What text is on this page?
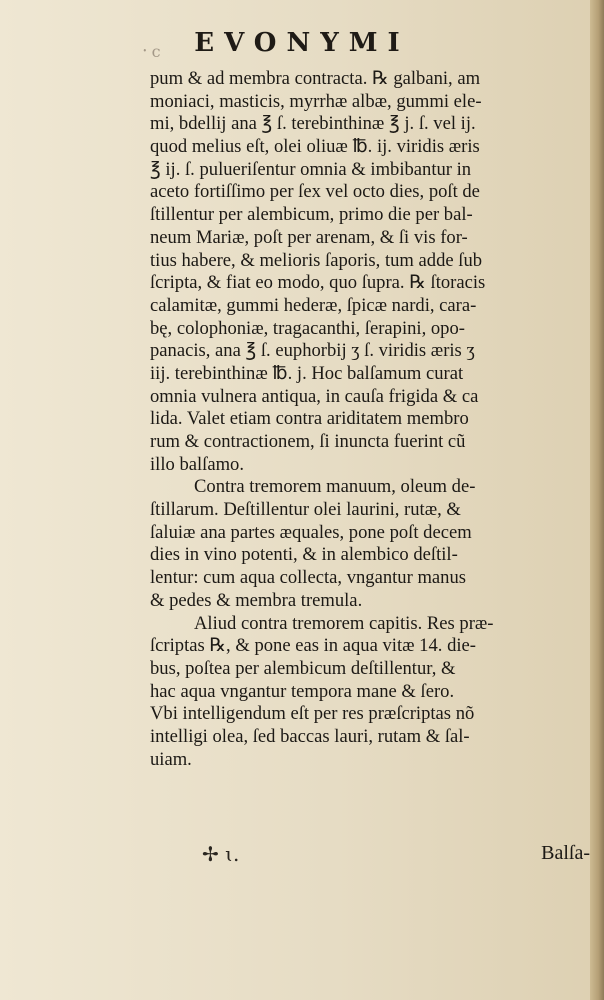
᛫ϲ	EVONYMI
pum & ad membra contracta. ℞ galbani, am
moniaci, masticis, myrrhæ albæ, gummi ele-
mi, bdellij ana ℥ ſ. terebinthinæ ℥ j. ſ. vel ij.
quod melius eſt, olei oliuæ ℔. ij. viridis æris
℥ ij. ſ. pulueriſentur omnia & imbibantur in
aceto fortiſſimo per ſex vel octo dies, poſt de
ſtillentur per alembicum, primo die per bal-
neum Mariæ, poſt per arenam, & ſi vis for-
tius habere, & melioris ſaporis, tum adde ſub
ſcripta, & fiat eo modo, quo ſupra. ℞ ſtoracis
calamitæ, gummi hederæ, ſpicæ nardi, cara-
bę, colophoniæ, tragacanthi, ſerapini, opo-
panacis, ana ℥ ſ. euphorbij ʒ ſ. viridis æris ʒ
iij. terebinthinæ ℔. j. Hoc balſamum curat
omnia vulnera antiqua, in cauſa frigida & ca
lida. Valet etiam contra ariditatem membro
rum & contractionem, ſi inuncta fuerint cũ
illo balſamo.
Contra tremorem manuum, oleum de-
ſtillarum. Deſtillentur olei laurini, rutæ, &
ſaluiæ ana partes æquales, pone poſt decem
dies in vino potenti, & in alembico deſtil-
lentur: cum aqua collecta, vngantur manus
& pedes & membra tremula.
Aliud contra tremorem capitis. Res præ-
ſcriptas ℞, & pone eas in aqua vitæ 14. die-
bus, poſtea per alembicum deſtillentur, &
hac aqua vngantur tempora mane & ſero.
Vbi intelligendum eſt per res præſcriptas nõ
intelligi olea, ſed baccas lauri, rutam & ſal-
uiam.
✢ ɩ.	Balſa-
